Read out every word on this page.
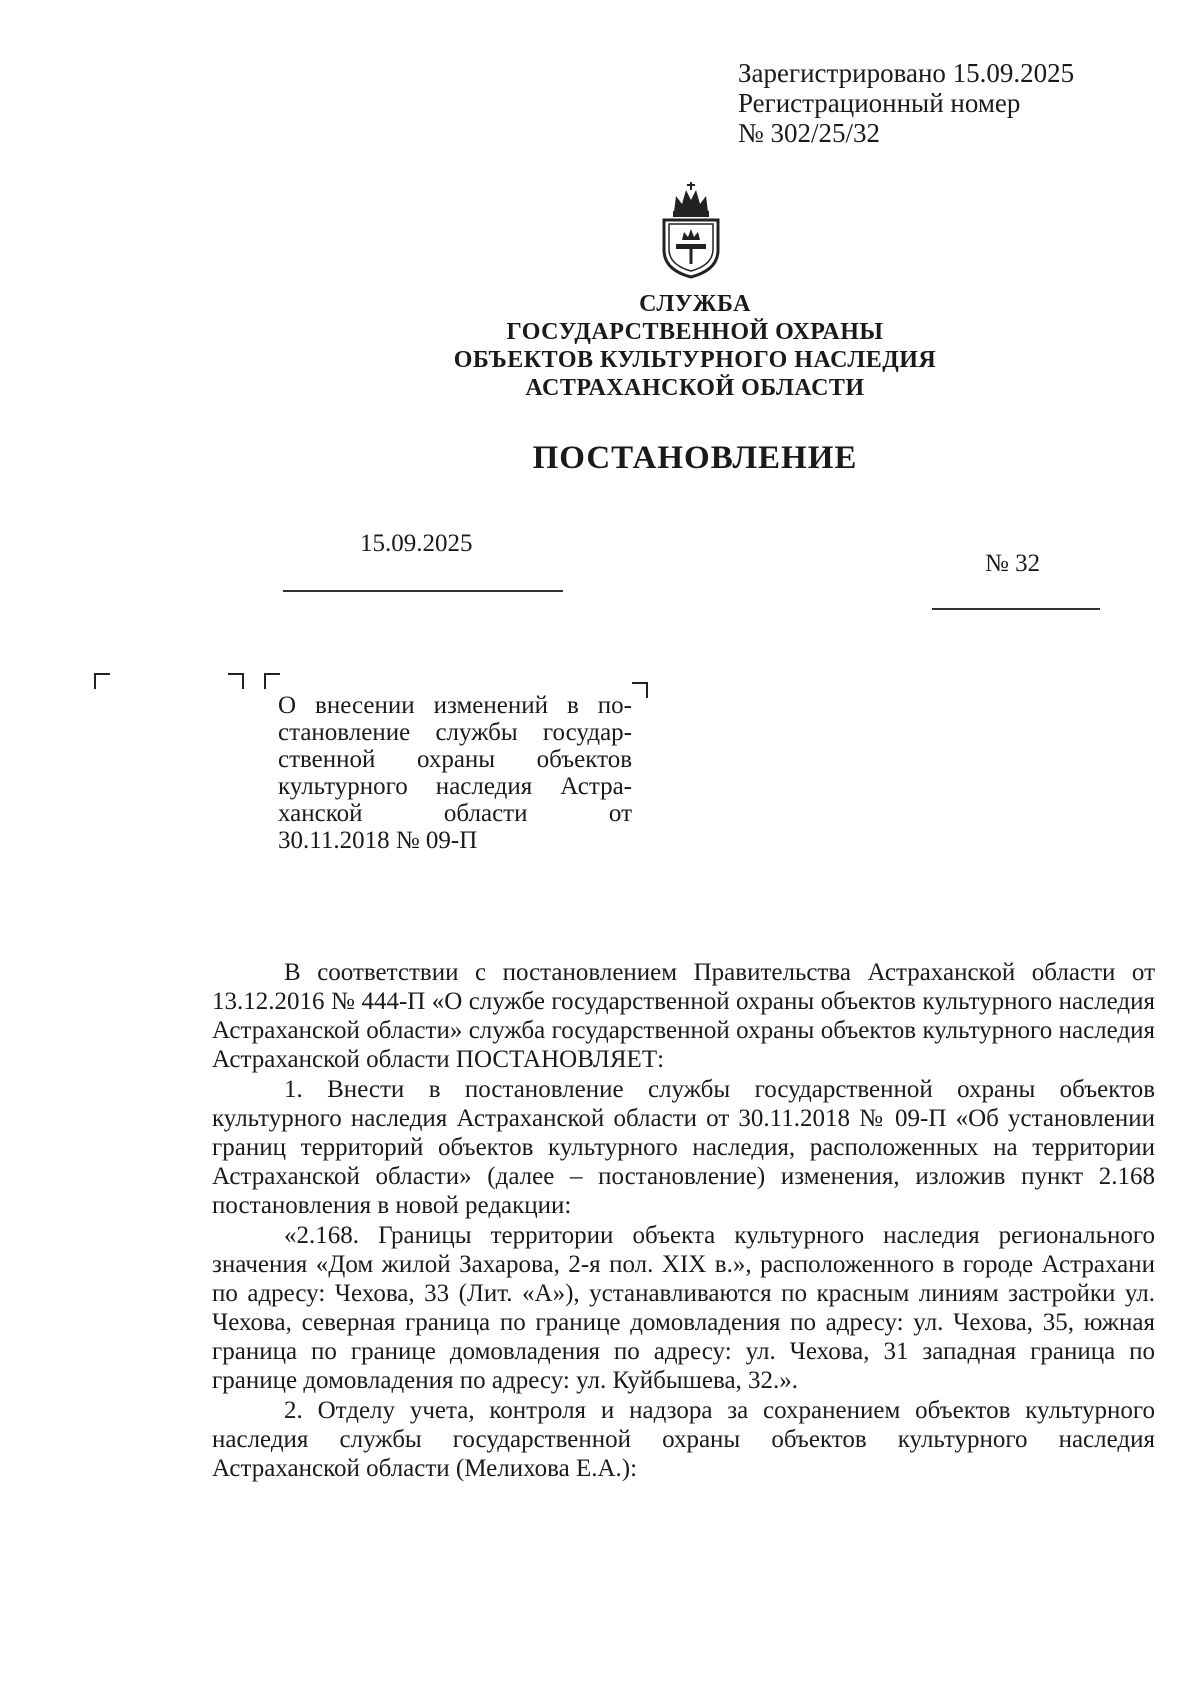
Зарегистрировано 15.09.2025
Регистрационный номер
№ 302/25/32
СЛУЖБА
ГОСУДАРСТВЕННОЙ ОХРАНЫ
ОБЪЕКТОВ КУЛЬТУРНОГО НАСЛЕДИЯ
АСТРАХАНСКОЙ ОБЛАСТИ
ПОСТАНОВЛЕНИЕ
15.09.2025
№ 32
О внесении изменений в по-
становление службы государ-
ственной охраны объектов
культурного наследия Астра-
ханской области от
30.11.2018 № 09-П

В соответствии с постановлением Правительства Астраханской области от 13.12.2016 № 444-П «О службе государственной охраны объектов культурного наследия Астраханской области» служба государственной охраны объектов культурного наследия Астраханской области ПОСТАНОВЛЯЕТ:

1. Внести в постановление службы государственной охраны объектов культурного наследия Астраханской области от 30.11.2018 № 09-П «Об установлении границ территорий объектов культурного наследия, расположенных на территории Астраханской области» (далее – постановление) изменения, изложив пункт 2.168 постановления в новой редакции:

«2.168. Границы территории объекта культурного наследия регионального значения «Дом жилой Захарова, 2-я пол. XIX в.», расположенного в городе Астрахани по адресу: Чехова, 33 (Лит. «А»), устанавливаются по красным линиям застройки ул. Чехова, северная граница по границе домовладения по адресу: ул. Чехова, 35, южная граница по границе домовладения по адресу: ул. Чехова, 31 западная граница по границе домовладения по адресу: ул. Куйбышева, 32.».

2. Отделу учета, контроля и надзора за сохранением объектов культурного наследия службы государственной охраны объектов культурного наследия Астраханской области (Мелихова Е.А.):
